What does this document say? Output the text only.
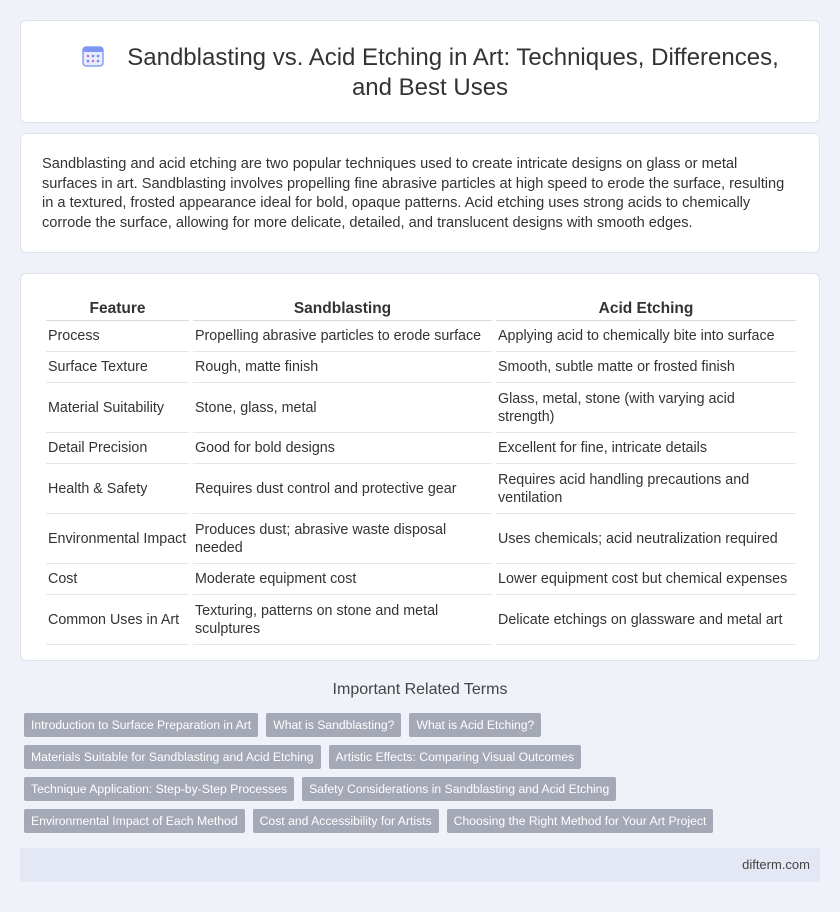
Sandblasting vs. Acid Etching in Art: Techniques, Differences, and Best Uses

Sandblasting and acid etching are two popular techniques used to create intricate designs on glass or metal surfaces in art. Sandblasting involves propelling fine abrasive particles at high speed to erode the surface, resulting in a textured, frosted appearance ideal for bold, opaque patterns. Acid etching uses strong acids to chemically corrode the surface, allowing for more delicate, detailed, and translucent designs with smooth edges.

Feature	Sandblasting	Acid Etching
Process	Propelling abrasive particles to erode surface	Applying acid to chemically bite into surface
Surface Texture	Rough, matte finish	Smooth, subtle matte or frosted finish
Material Suitability	Stone, glass, metal	Glass, metal, stone (with varying acid strength)
Detail Precision	Good for bold designs	Excellent for fine, intricate details
Health & Safety	Requires dust control and protective gear	Requires acid handling precautions and ventilation
Environmental Impact	Produces dust; abrasive waste disposal needed	Uses chemicals; acid neutralization required
Cost	Moderate equipment cost	Lower equipment cost but chemical expenses
Common Uses in Art	Texturing, patterns on stone and metal sculptures	Delicate etchings on glassware and metal art
Important Related Terms
Introduction to Surface Preparation in Art	What is Sandblasting?	What is Acid Etching?
Materials Suitable for Sandblasting and Acid Etching	Artistic Effects: Comparing Visual Outcomes
Technique Application: Step-by-Step Processes	Safety Considerations in Sandblasting and Acid Etching
Environmental Impact of Each Method	Cost and Accessibility for Artists	Choosing the Right Method for Your Art Project
difterm.com
